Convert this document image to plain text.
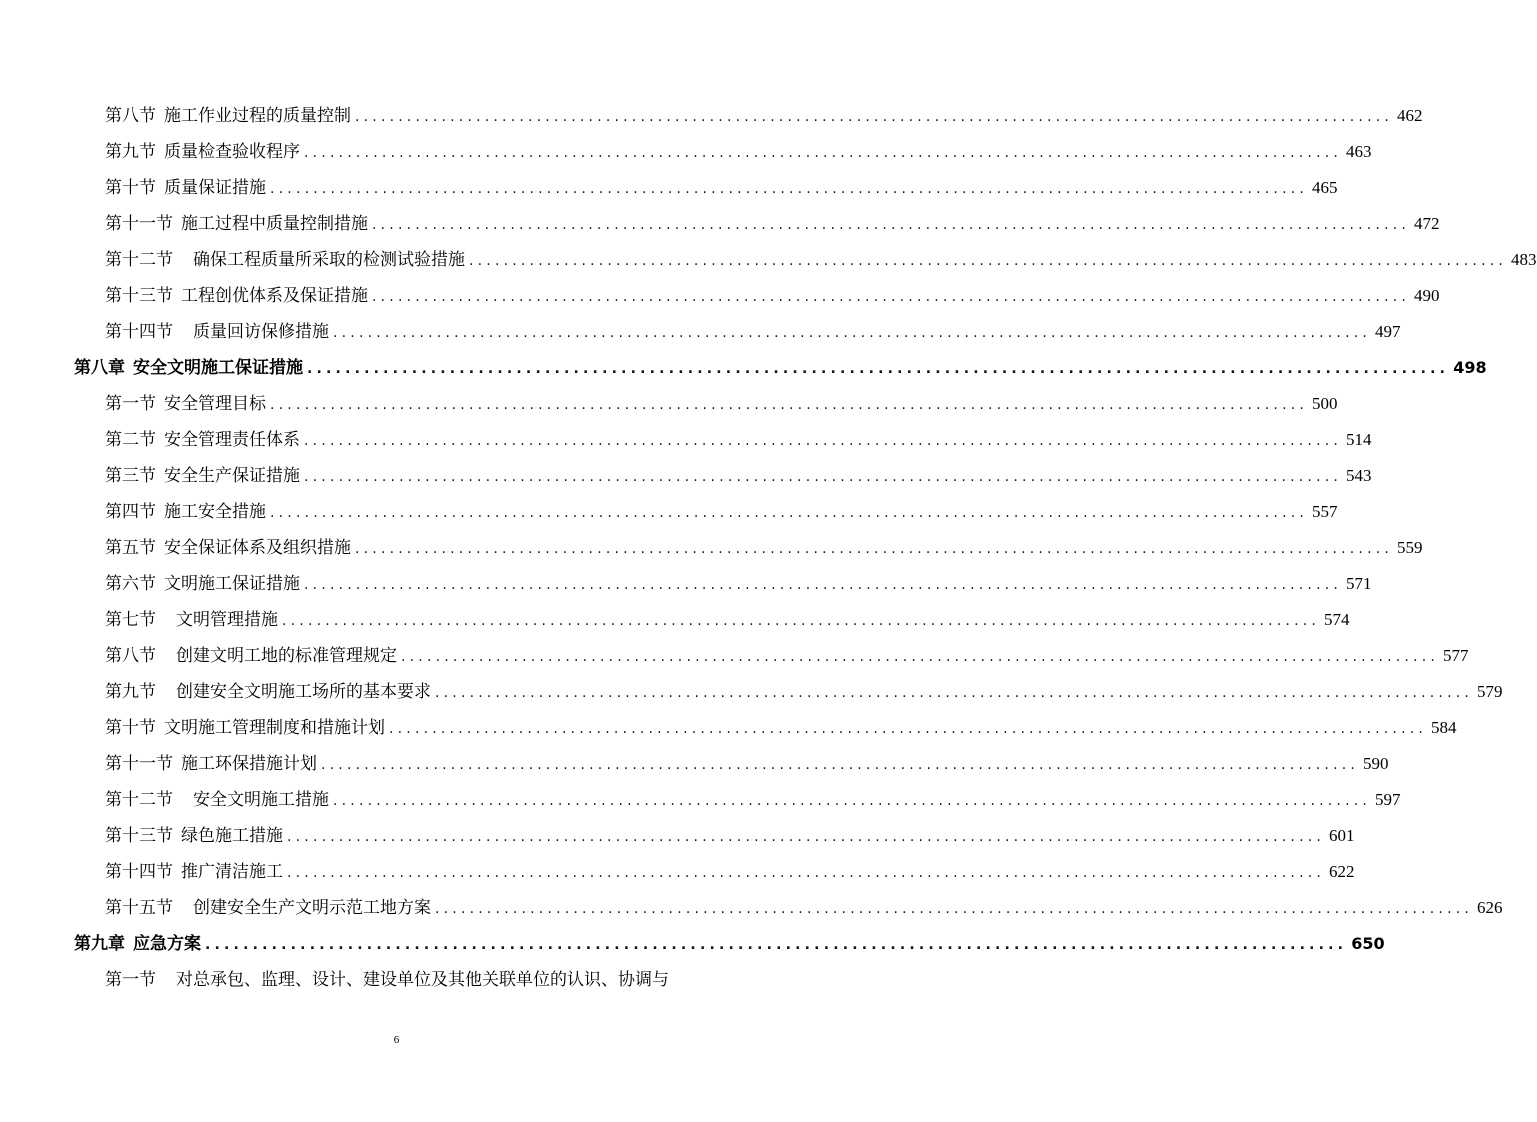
第八节 施工作业过程的质量控制 ........................................................................................................................ 462
第九节 质量检查验收程序 ........................................................................................................................ 463
第十节 质量保证措施 ........................................................................................................................ 465
第十一节 施工过程中质量控制措施 ........................................................................................................................ 472
第十二节	确保工程质量所采取的检测试验措施 ........................................................................................................................ 483
第十三节 工程创优体系及保证措施 ........................................................................................................................ 490
第十四节	质量回访保修措施 ........................................................................................................................ 497
第八章 安全文明施工保证措施 ........................................................................................................................ 498
第一节 安全管理目标 ........................................................................................................................ 500
第二节 安全管理责任体系 ........................................................................................................................ 514
第三节 安全生产保证措施 ........................................................................................................................ 543
第四节 施工安全措施 ........................................................................................................................ 557
第五节 安全保证体系及组织措施 ........................................................................................................................ 559
第六节 文明施工保证措施 ........................................................................................................................ 571
第七节	文明管理措施 ........................................................................................................................ 574
第八节	创建文明工地的标准管理规定 ........................................................................................................................ 577
第九节	创建安全文明施工场所的基本要求 ........................................................................................................................ 579
第十节 文明施工管理制度和措施计划 ........................................................................................................................ 584
第十一节 施工环保措施计划 ........................................................................................................................ 590
第十二节	安全文明施工措施 ........................................................................................................................ 597
第十三节 绿色施工措施 ........................................................................................................................ 601
第十四节 推广清洁施工 ........................................................................................................................ 622
第十五节	创建安全生产文明示范工地方案 ........................................................................................................................ 626
第九章 应急方案 ........................................................................................................................ 650
第一节	对总承包、监理、设计、建设单位及其他关联单位的认识、协调与
6
